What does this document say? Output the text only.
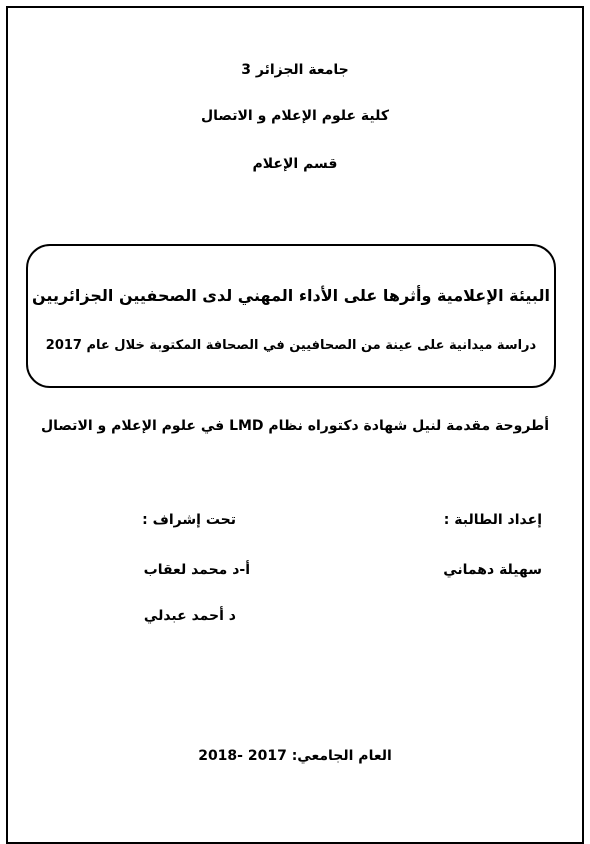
جامعة الجزائر 3
كلية علوم الإعلام و الاتصال
قسم الإعلام
البيئة الإعلامية وأثرها على الأداء المهني لدى الصحفيين الجزائريين
دراسة ميدانية على عينة من الصحافيين في الصحافة المكتوبة خلال عام 2017
أطروحة مقدمة لنيل شهادة دكتوراه نظام LMD في علوم الإعلام و الاتصال
إعداد الطالبة :
سهيلة دهماني
تحت إشراف :
أ-د محمد لعقاب
د أحمد عبدلي
العام الجامعي: 2017 -2018
